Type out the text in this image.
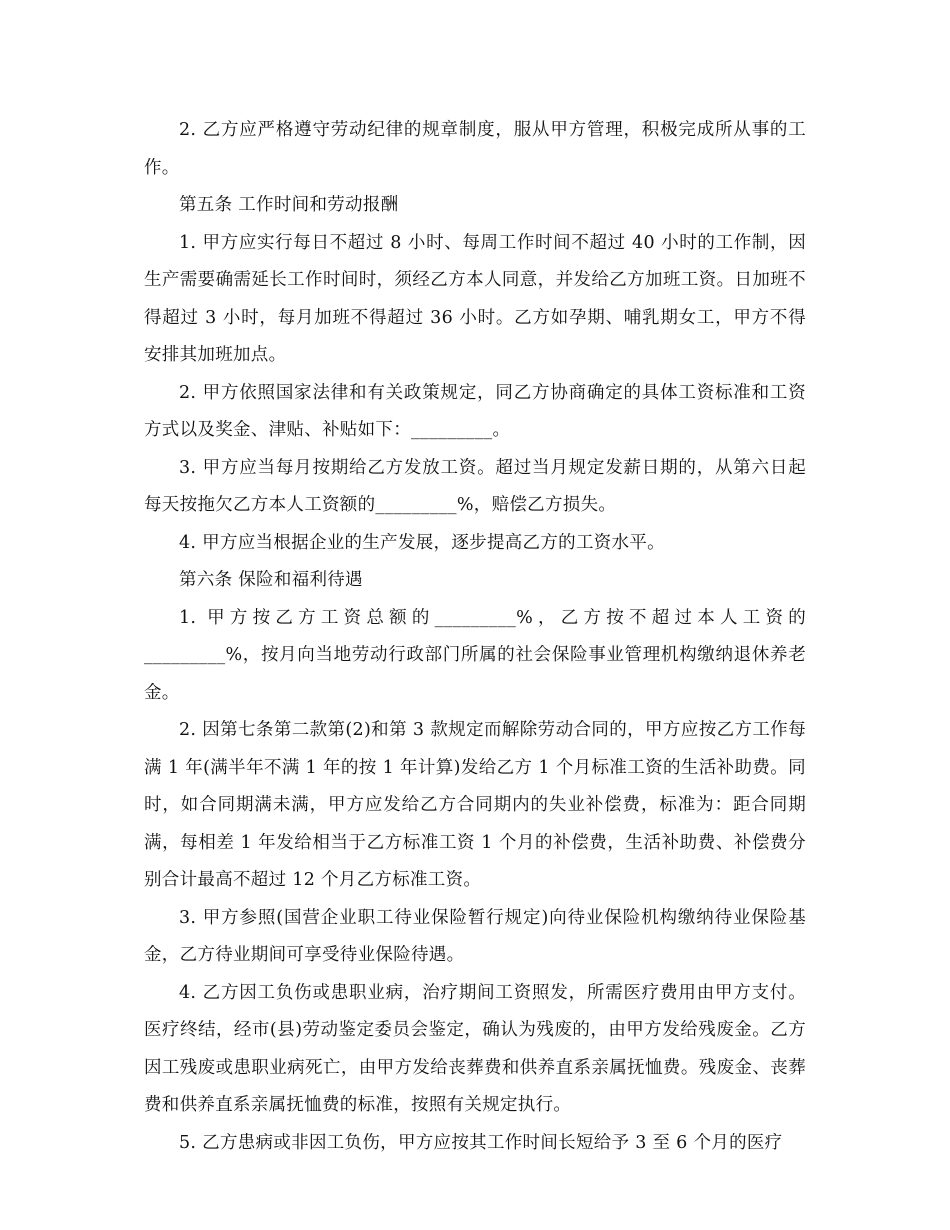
2. 乙方应严格遵守劳动纪律的规章制度，服从甲方管理，积极完成所从事的工作。

第五条 工作时间和劳动报酬

1. 甲方应实行每日不超过 8 小时、每周工作时间不超过 40 小时的工作制，因生产需要确需延长工作时间时，须经乙方本人同意，并发给乙方加班工资。日加班不得超过 3 小时，每月加班不得超过 36 小时。乙方如孕期、哺乳期女工，甲方不得安排其加班加点。

2. 甲方依照国家法律和有关政策规定，同乙方协商确定的具体工资标准和工资方式以及奖金、津贴、补贴如下：_________。

3. 甲方应当每月按期给乙方发放工资。超过当月规定发薪日期的，从第六日起每天按拖欠乙方本人工资额的_________%，赔偿乙方损失。

4. 甲方应当根据企业的生产发展，逐步提高乙方的工资水平。

第六条 保险和福利待遇

1. 甲方按乙方工资总额的_________%，乙方按不超过本人工资的_________%，按月向当地劳动行政部门所属的社会保险事业管理机构缴纳退休养老金。

2. 因第七条第二款第(2)和第 3 款规定而解除劳动合同的，甲方应按乙方工作每满 1 年(满半年不满 1 年的按 1 年计算)发给乙方 1 个月标准工资的生活补助费。同时，如合同期满未满，甲方应发给乙方合同期内的失业补偿费，标准为：距合同期满，每相差 1 年发给相当于乙方标准工资 1 个月的补偿费，生活补助费、补偿费分别合计最高不超过 12 个月乙方标准工资。

3. 甲方参照(国营企业职工待业保险暂行规定)向待业保险机构缴纳待业保险基金，乙方待业期间可享受待业保险待遇。

4. 乙方因工负伤或患职业病，治疗期间工资照发，所需医疗费用由甲方支付。医疗终结，经市(县)劳动鉴定委员会鉴定，确认为残废的，由甲方发给残废金。乙方因工残废或患职业病死亡，由甲方发给丧葬费和供养直系亲属抚恤费。残废金、丧葬费和供养直系亲属抚恤费的标准，按照有关规定执行。

5. 乙方患病或非因工负伤，甲方应按其工作时间长短给予 3 至 6 个月的医疗
